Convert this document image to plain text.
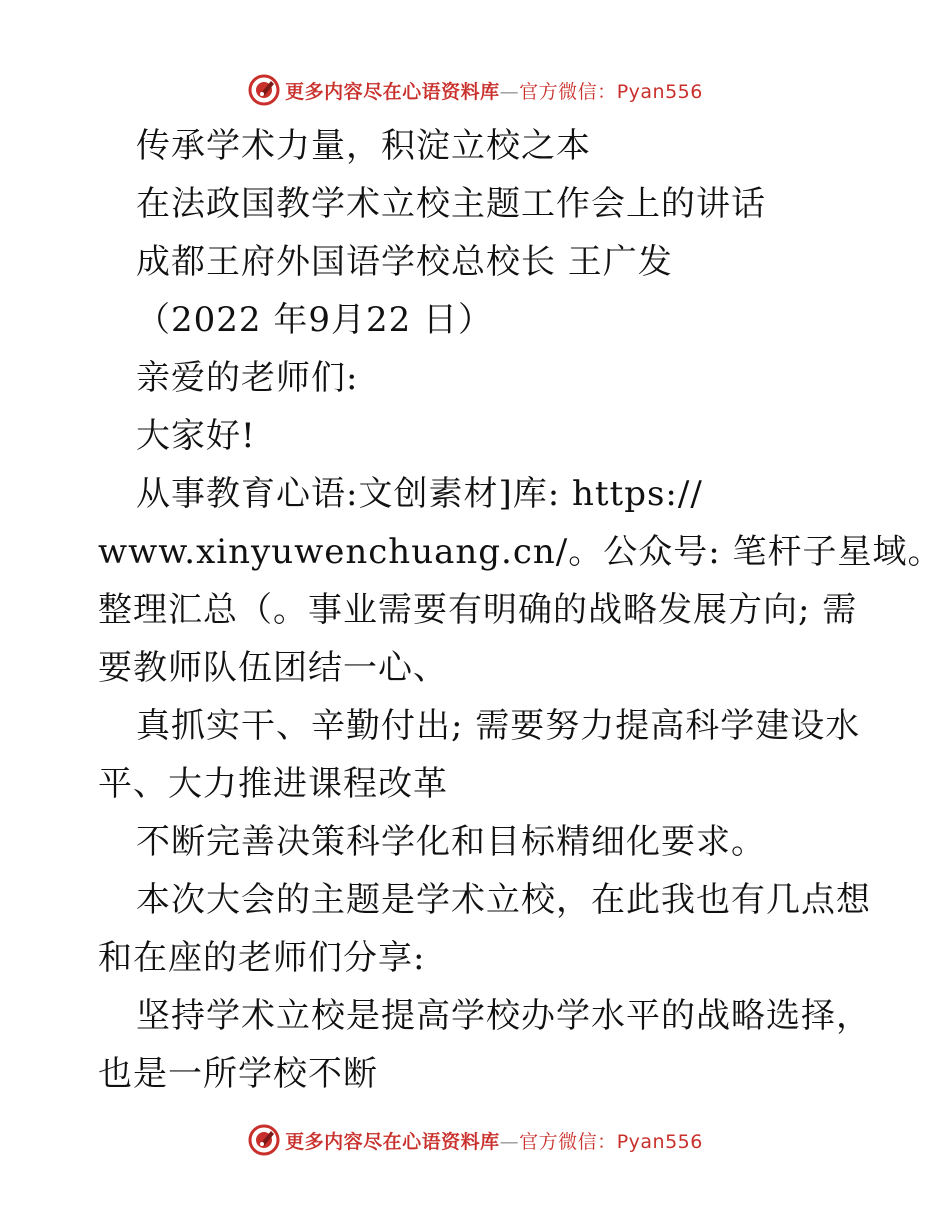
更多内容尽在心语资料库—官方微信：Pyan556
传承学术力量，积淀立校之本
在法政国教学术立校主题工作会上的讲话
成都王府外国语学校总校长 王广发
（2022 年9月22 日）
亲爱的老师们:
大家好!
从事教育心语:文创素材]库: https://
www.xinyuwenchuang.cn/。公众号: 笔杆子星域。
整理汇总（。事业需要有明确的战略发展方向; 需
要教师队伍团结一心、
真抓实干、辛勤付出; 需要努力提高科学建设水
平、大力推进课程改革
不断完善决策科学化和目标精细化要求。
本次大会的主题是学术立校，在此我也有几点想
和在座的老师们分享:
坚持学术立校是提高学校办学水平的战略选择，
也是一所学校不断
更多内容尽在心语资料库—官方微信：Pyan556
